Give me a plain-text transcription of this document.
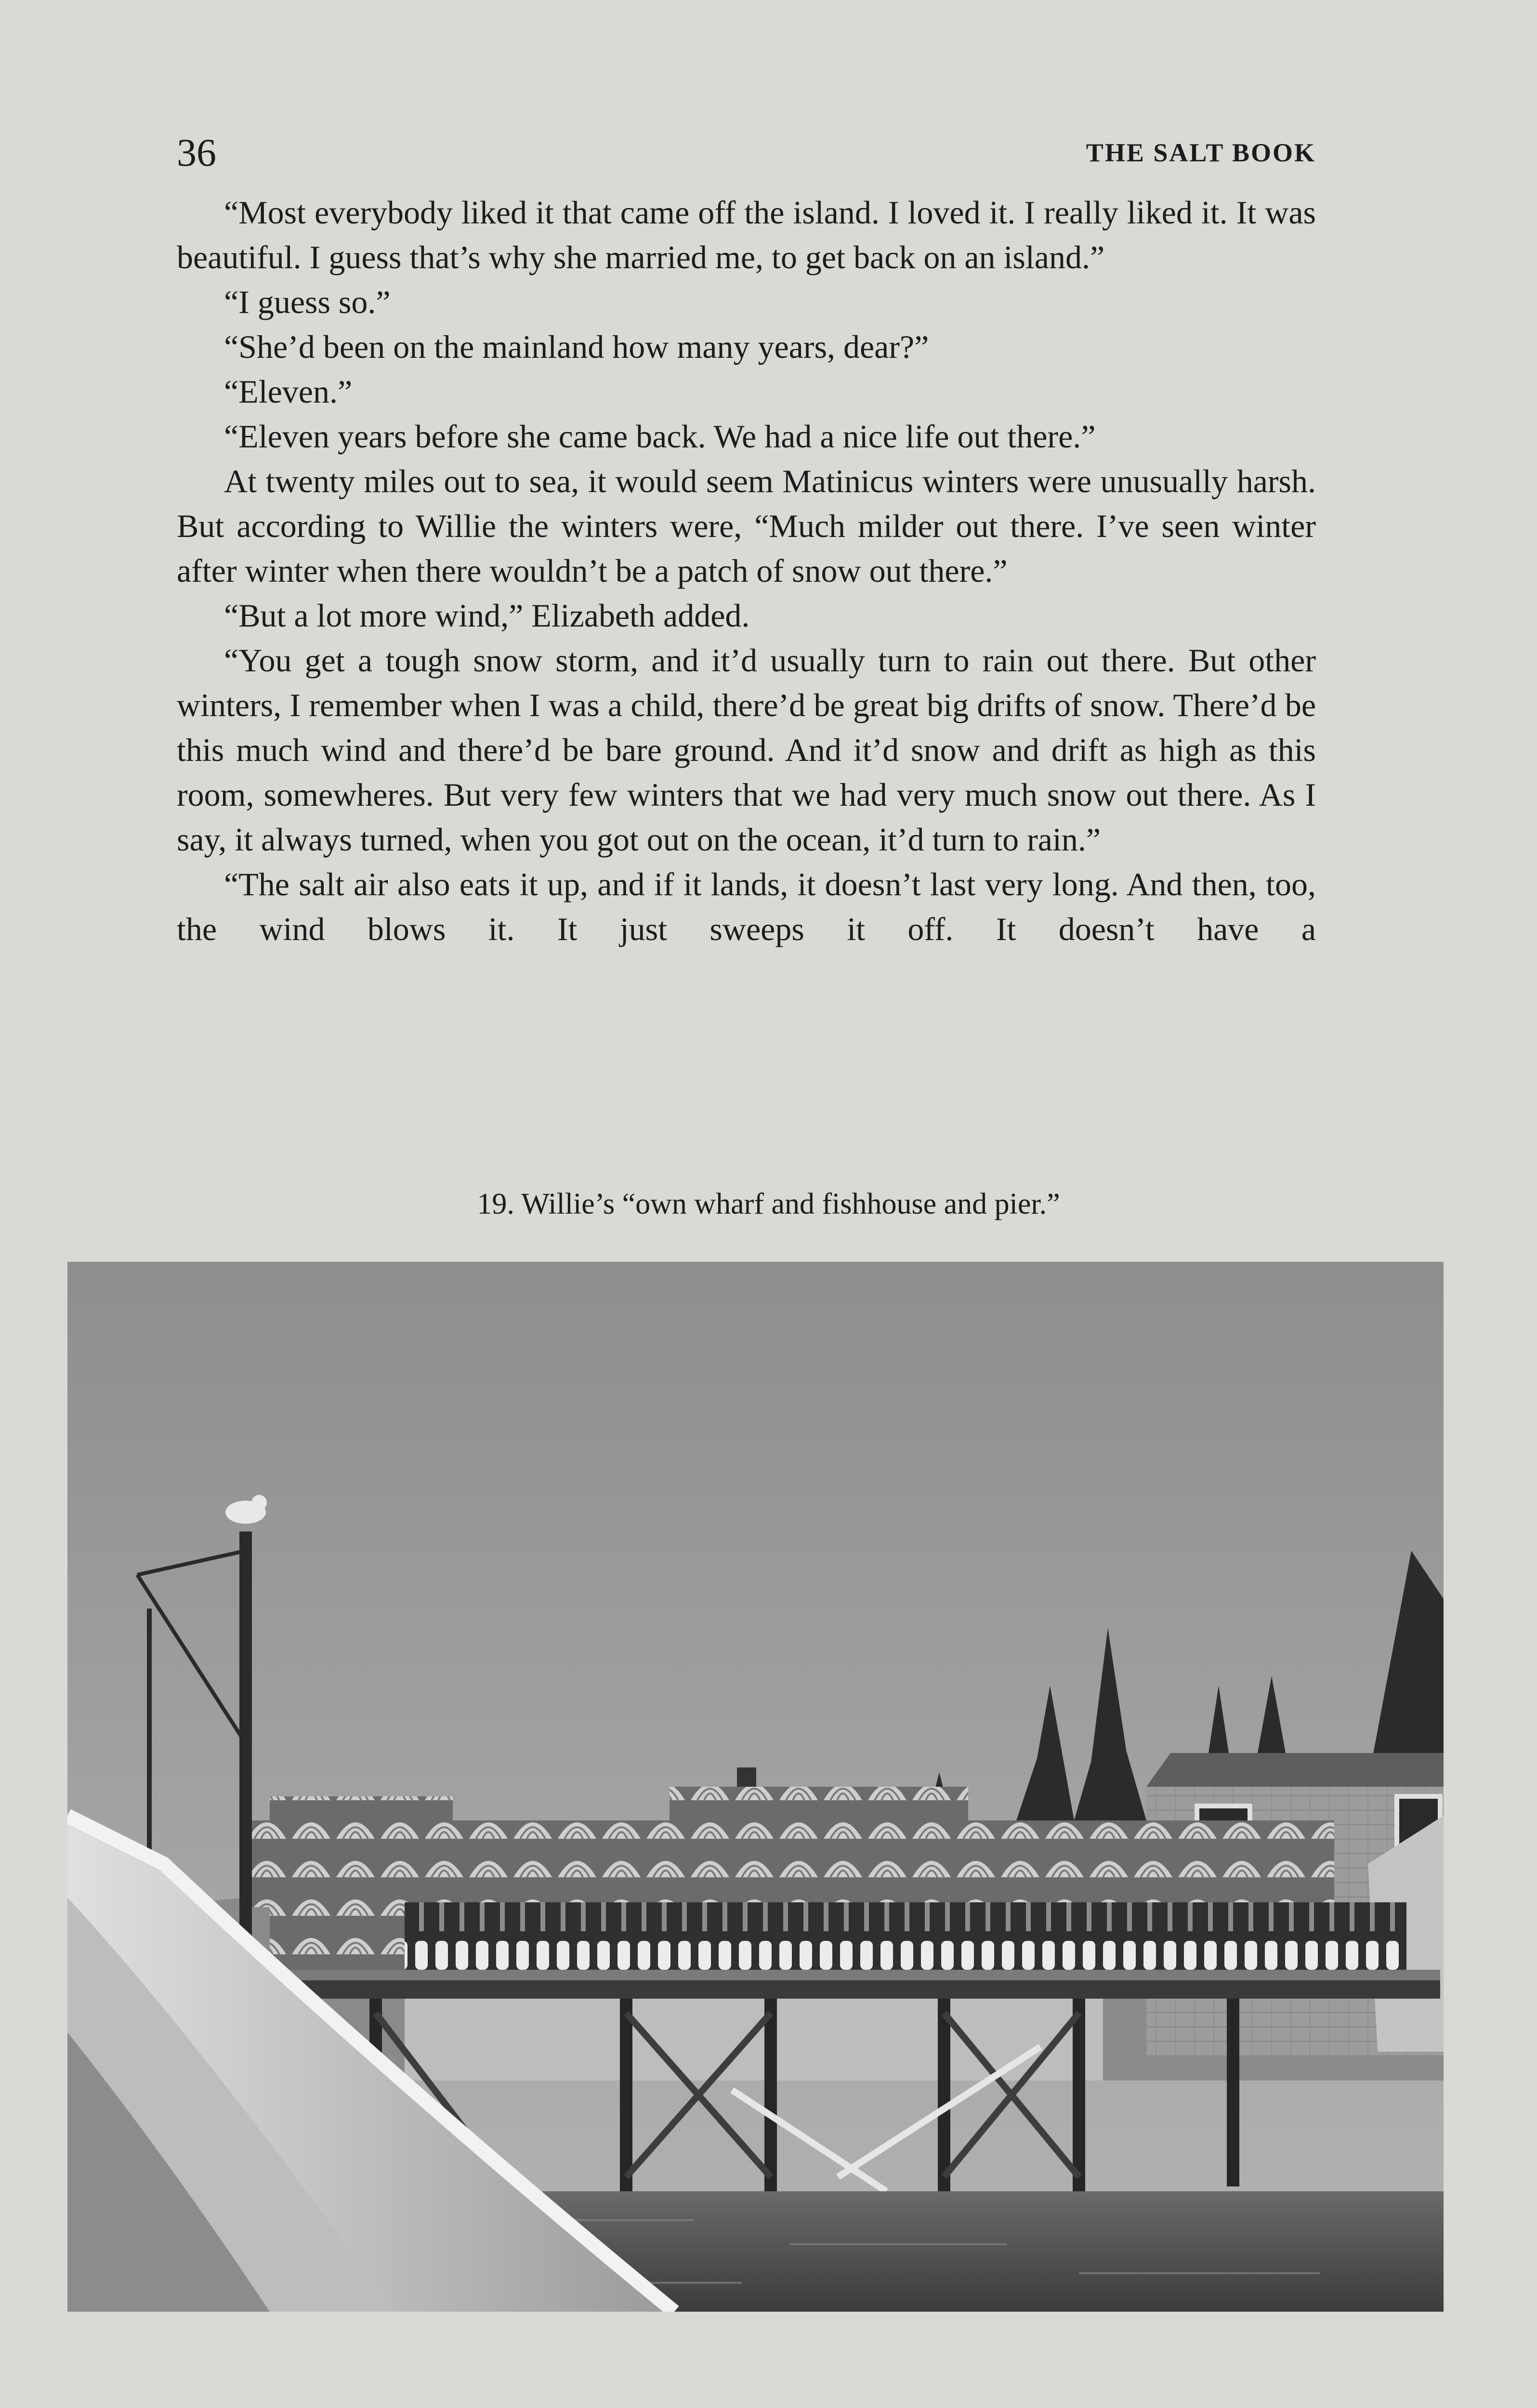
36	THE SALT BOOK

“Most everybody liked it that came off the island. I loved it. I really liked it. It was beautiful. I guess that’s why she married me, to get back on an island.”

“I guess so.”

“She’d been on the mainland how many years, dear?”

“Eleven.”

“Eleven years before she came back. We had a nice life out there.”

At twenty miles out to sea, it would seem Matinicus winters were unusually harsh. But according to Willie the winters were, “Much milder out there. I’ve seen winter after winter when there wouldn’t be a patch of snow out there.”

“But a lot more wind,” Elizabeth added.

“You get a tough snow storm, and it’d usually turn to rain out there. But other winters, I remember when I was a child, there’d be great big drifts of snow. There’d be this much wind and there’d be bare ground. And it’d snow and drift as high as this room, somewheres. But very few winters that we had very much snow out there. As I say, it always turned, when you got out on the ocean, it’d turn to rain.”

“The salt air also eats it up, and if it lands, it doesn’t last very long. And then, too, the wind blows it. It just sweeps it off. It doesn’t have a

19. Willie’s “own wharf and fishhouse and pier.”
